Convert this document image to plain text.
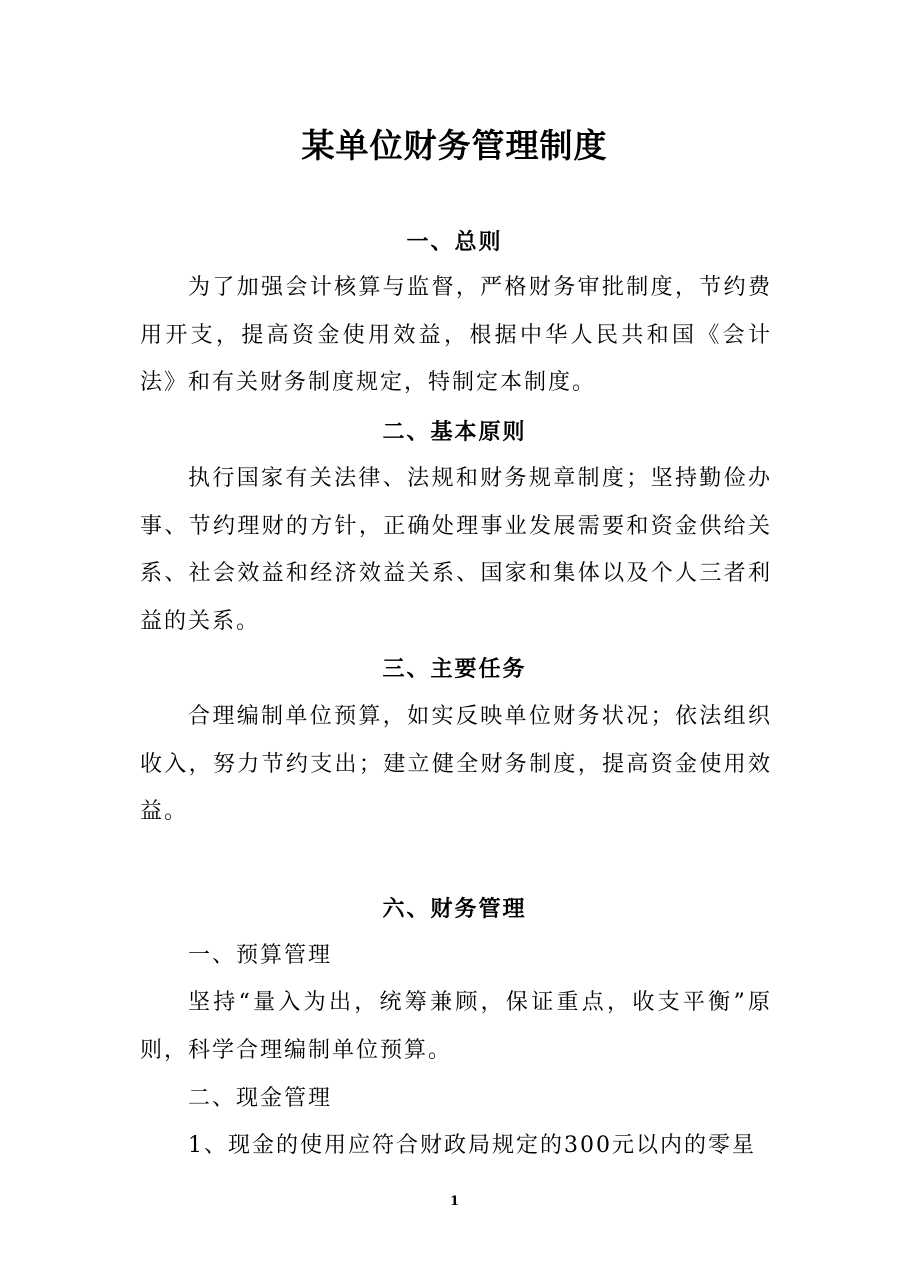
某单位财务管理制度
一、总则

为了加强会计核算与监督，严格财务审批制度，节约费用开支，提高资金使用效益，根据中华人民共和国《会计法》和有关财务制度规定，特制定本制度。

二、基本原则

执行国家有关法律、法规和财务规章制度；坚持勤俭办事、节约理财的方针，正确处理事业发展需要和资金供给关系、社会效益和经济效益关系、国家和集体以及个人三者利益的关系。

三、主要任务

合理编制单位预算，如实反映单位财务状况；依法组织收入，努力节约支出；建立健全财务制度，提高资金使用效益。

六、财务管理

一、预算管理

坚持“量入为出，统筹兼顾，保证重点，收支平衡”原则，科学合理编制单位预算。

二、现金管理

1、现金的使用应符合财政局规定的300元以内的零星

1
